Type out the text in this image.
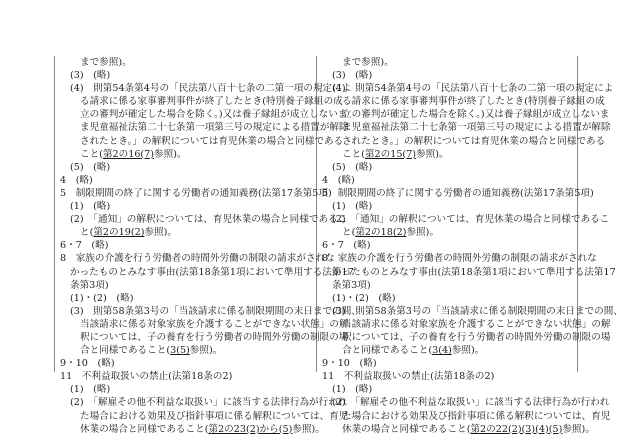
まで参照)。
(3)　(略)
(4)　則第54条第4号の「民法第八百十七条の二第一項の規定によ
る請求に係る家事審判事件が終了したとき(特別養子縁組の成
立の審判が確定した場合を除く。)又は養子縁組が成立しないま
ま児童福祉法第二十七条第一項第三号の規定による措置が解除
されたとき。」の解釈については育児休業の場合と同様である
こと(第2の16(7)参照)。
(5)　(略)
4　(略)
5　制限期間の終了に関する労働者の通知義務(法第17条第5項)
(1)　(略)
(2)　「通知」の解釈については、育児休業の場合と同様であるこ
と(第2の19(2)参照)。
6・7　(略)
8　家族の介護を行う労働者の時間外労働の制限の請求がされな
かったものとみなす事由(法第18条第1項において準用する法第17
条第3項)
(1)・(2)　(略)
(3)　則第58条第3号の「当該請求に係る制限期間の末日までの間、
当該請求に係る対象家族を介護することができない状態」の解
釈については、子の養育を行う労働者の時間外労働の制限の場
合と同様であること(3(5)参照)。
9・10　(略)
11　不利益取扱いの禁止(法第18条の2)
(1)　(略)
(2)　「解雇その他不利益な取扱い」に該当する法律行為が行われ
た場合における効果及び指針事項に係る解釈については、育児
休業の場合と同様であること(第2の23(2)から(5)参照)。
まで参照)。
(3)　(略)
(4)　則第54条第4号の「民法第八百十七条の二第一項の規定によ
る請求に係る家事審判事件が終了したとき(特別養子縁組の成
立の審判が確定した場合を除く。)又は養子縁組が成立しないま
ま児童福祉法第二十七条第一項第三号の規定による措置が解除
されたとき。」の解釈については育児休業の場合と同様である
こと(第2の15(7)参照)。
(5)　(略)
4　(略)
5　制限期間の終了に関する労働者の通知義務(法第17条第5項)
(1)　(略)
(2)　「通知」の解釈については、育児休業の場合と同様であるこ
と(第2の18(2)参照)。
6・7　(略)
8　家族の介護を行う労働者の時間外労働の制限の請求がされな
かったものとみなす事由(法第18条第1項において準用する法第17
条第3項)
(1)・(2)　(略)
(3)　則第58条第3号の「当該請求に係る制限期間の末日までの間、
当該請求に係る対象家族を介護することができない状態」の解
釈については、子の養育を行う労働者の時間外労働の制限の場
合と同様であること(3(4)参照)。
9・10　(略)
11　不利益取扱いの禁止(法第18条の2)
(1)　(略)
(2)　「解雇その他不利益な取扱い」に該当する法律行為が行われ
た場合における効果及び指針事項に係る解釈については、育児
休業の場合と同様であること(第2の22(2)(3)(4)(5)参照)。
